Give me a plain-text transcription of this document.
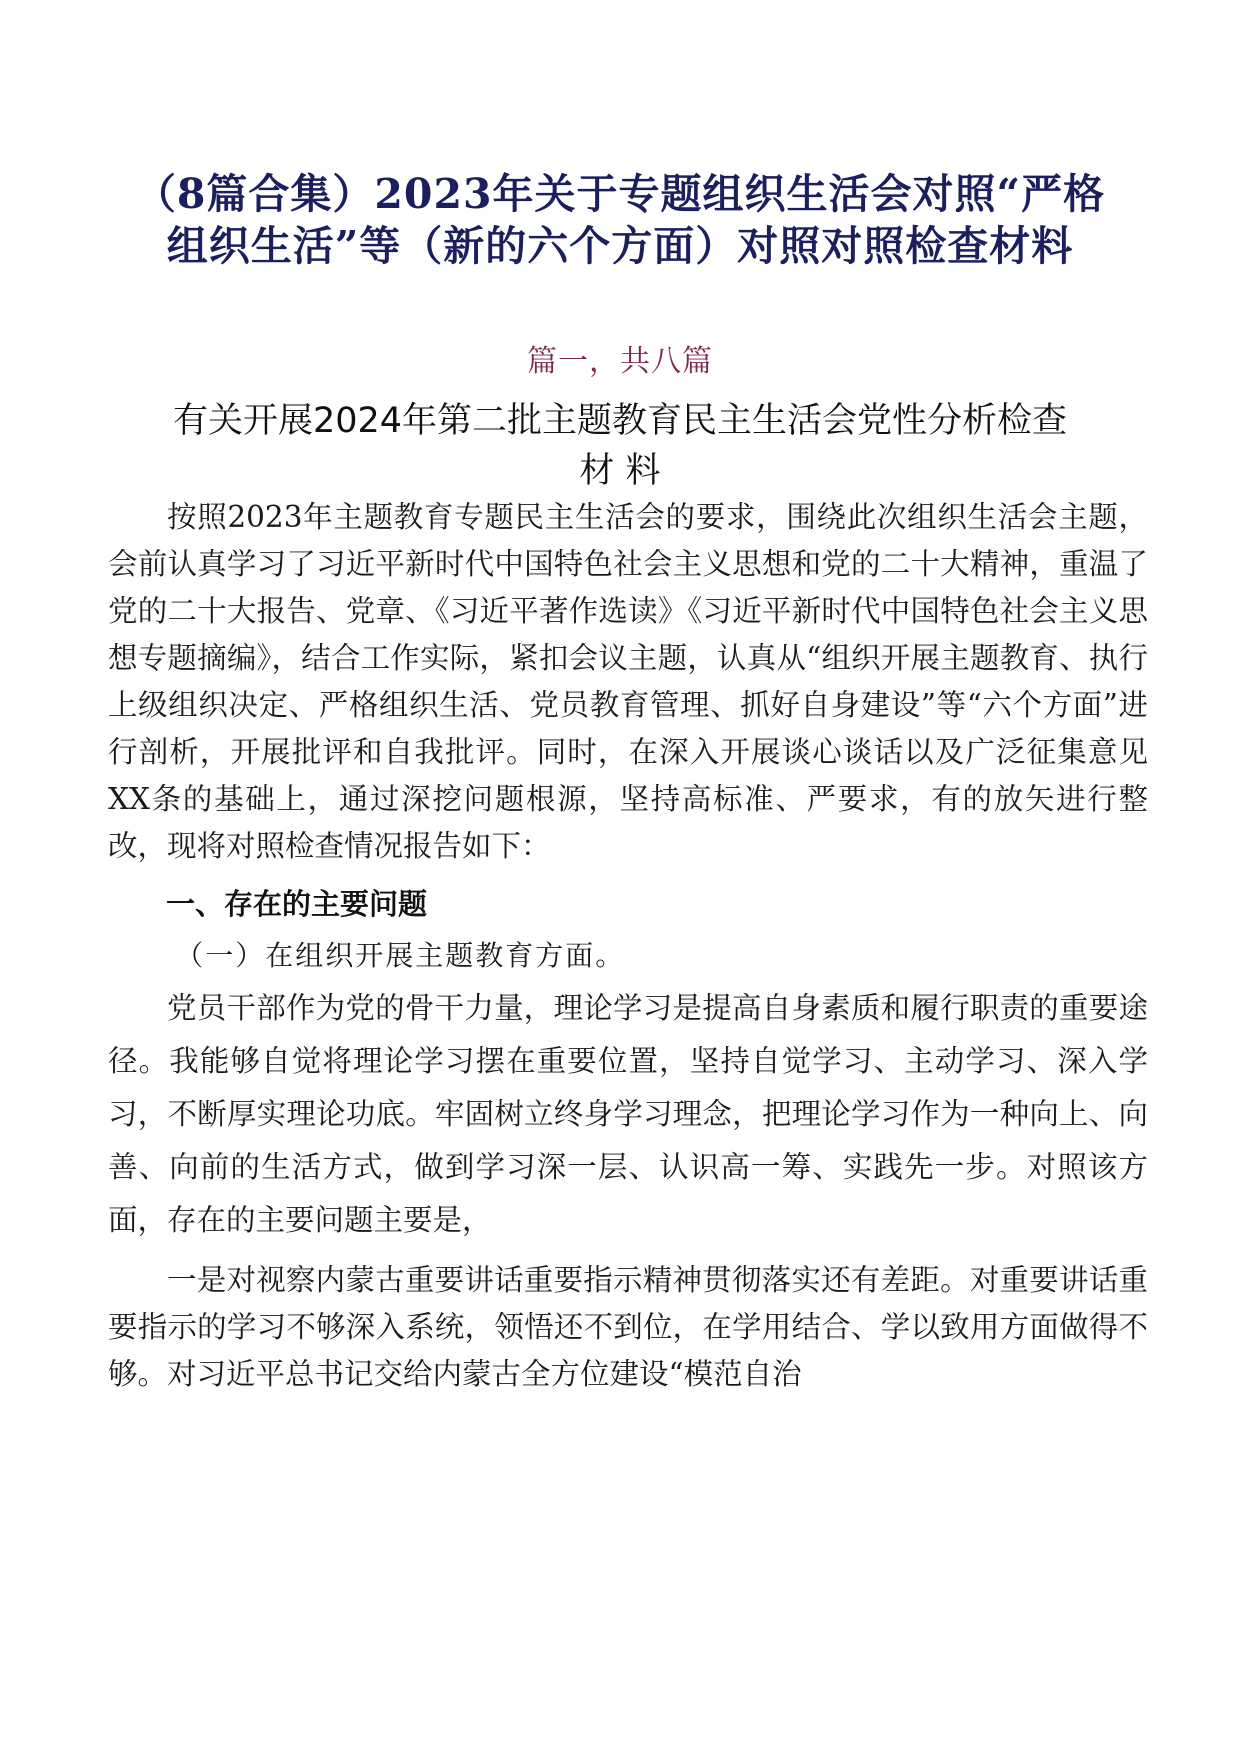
（8篇合集）2023年关于专题组织生活会对照“严格组织生活”等（新的六个方面）对照对照检查材料
篇一，共八篇
有关开展2024年第二批主题教育民主生活会党性分析检查 材 料

按照2023年主题教育专题民主生活会的要求，围绕此次组织生活会主题，会前认真学习了习近平新时代中国特色社会主义思想和党的二十大精神，重温了党的二十大报告、党章、《习近平著作选读》《习近平新时代中国特色社会主义思想专题摘编》，结合工作实际，紧扣会议主题，认真从“组织开展主题教育、执行上级组织决定、严格组织生活、党员教育管理、抓好自身建设”等“六个方面”进行剖析，开展批评和自我批评。同时，在深入开展谈心谈话以及广泛征集意见XX条的基础上，通过深挖问题根源，坚持高标准、严要求，有的放矢进行整改，现将对照检查情况报告如下：

一、存在的主要问题
（一）在组织开展主题教育方面。

党员干部作为党的骨干力量，理论学习是提高自身素质和履行职责的重要途径。我能够自觉将理论学习摆在重要位置，坚持自觉学习、主动学习、深入学习，不断厚实理论功底。牢固树立终身学习理念，把理论学习作为一种向上、向善、向前的生活方式，做到学习深一层、认识高一筹、实践先一步。对照该方面，存在的主要问题主要是，

一是对视察内蒙古重要讲话重要指示精神贯彻落实还有差距。对重要讲话重要指示的学习不够深入系统，领悟还不到位，在学用结合、学以致用方面做得不够。对习近平总书记交给内蒙古全方位建设“模范自治
